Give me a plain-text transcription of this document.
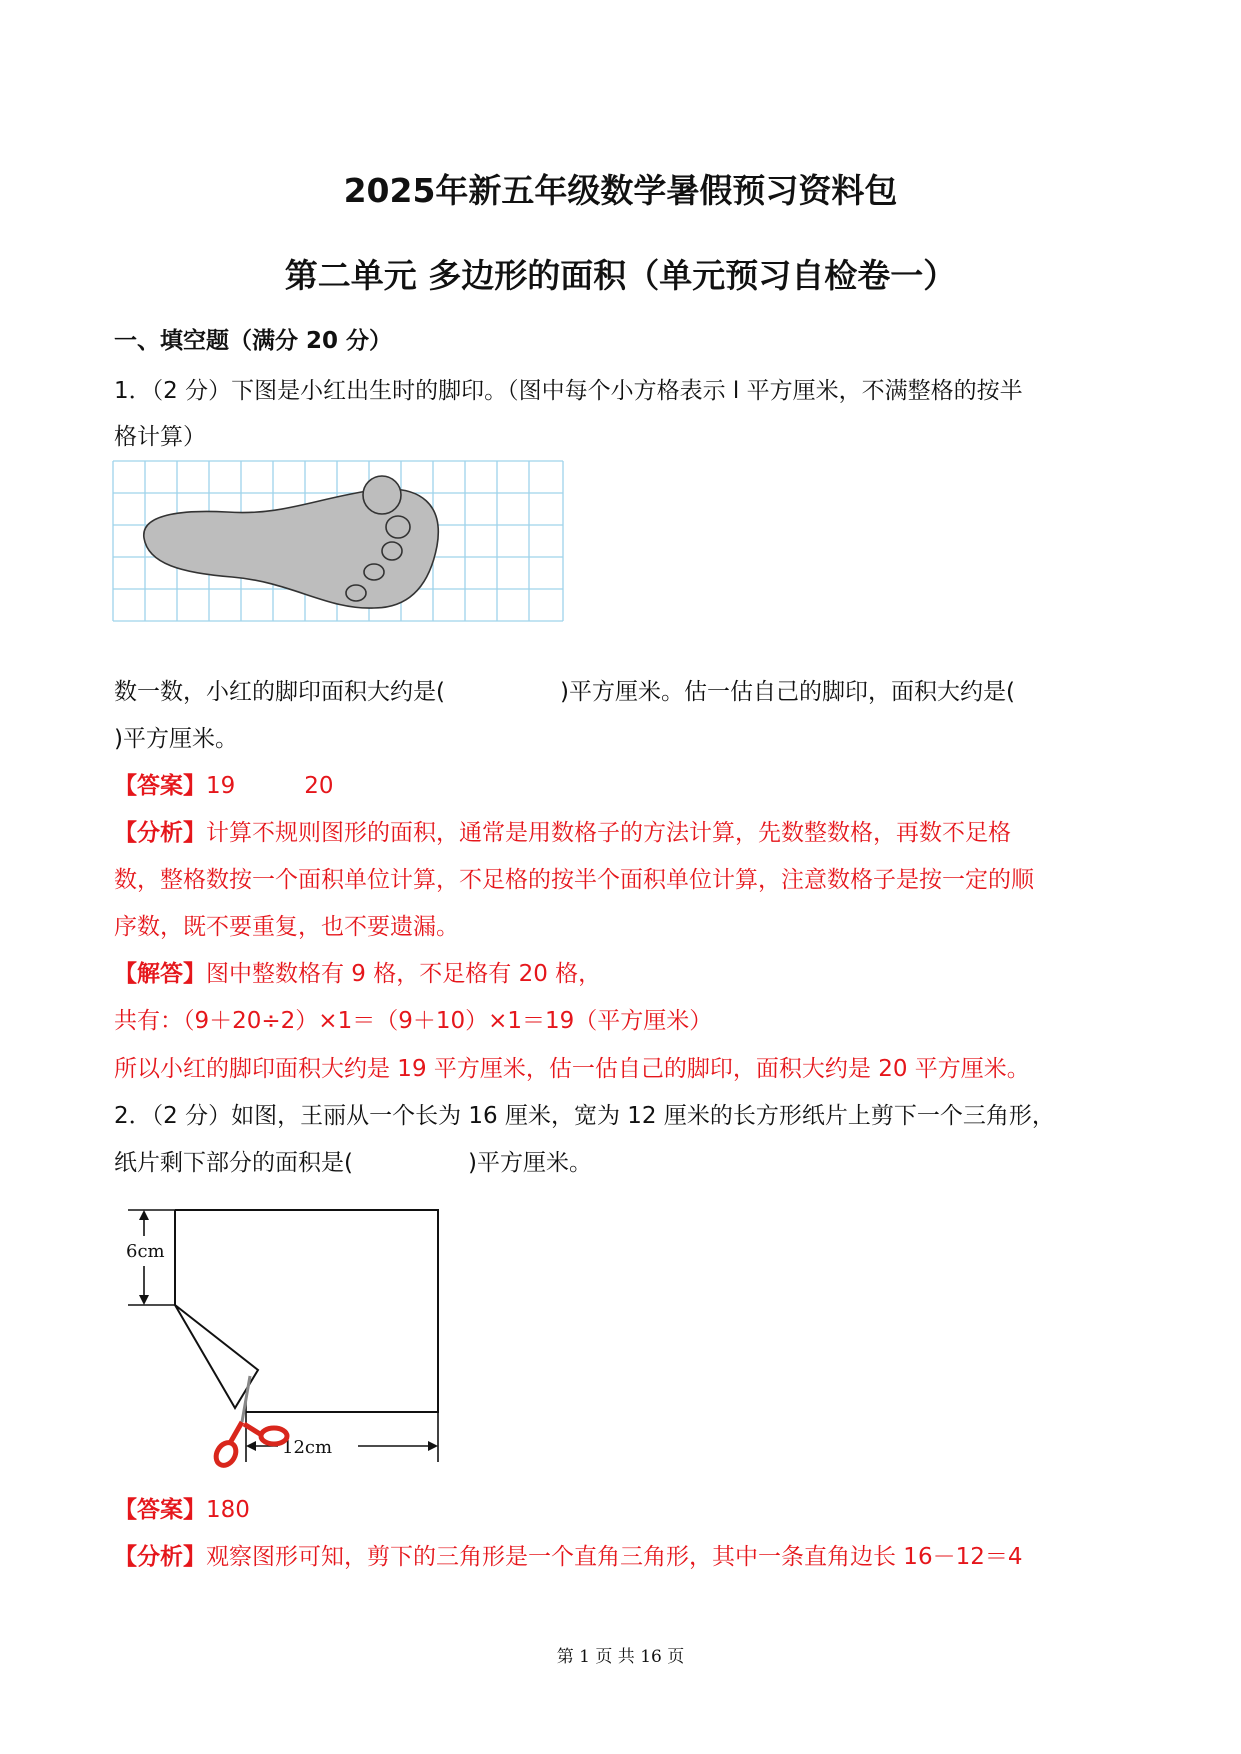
2025年新五年级数学暑假预习资料包
第二单元 多边形的面积（单元预习自检卷一）
一、填空题（满分 20 分）
1．（2 分）下图是小红出生时的脚印。（图中每个小方格表示 l 平方厘米，不满整格的按半
格计算）
数一数，小红的脚印面积大约是(　　　　　)平方厘米。估一估自己的脚印，面积大约是(
)平方厘米。
【答案】19　　　20
【分析】计算不规则图形的面积，通常是用数格子的方法计算，先数整数格，再数不足格
数，整格数按一个面积单位计算，不足格的按半个面积单位计算，注意数格子是按一定的顺
序数，既不要重复，也不要遗漏。
【解答】图中整数格有 9 格，不足格有 20 格，
共有：（9＋20÷2）×1＝（9＋10）×1＝19（平方厘米）
所以小红的脚印面积大约是 19 平方厘米，估一估自己的脚印，面积大约是 20 平方厘米。
2．（2 分）如图，王丽从一个长为 16 厘米，宽为 12 厘米的长方形纸片上剪下一个三角形，
纸片剩下部分的面积是(　　　　　)平方厘米。
6cm
12cm
【答案】180
【分析】观察图形可知，剪下的三角形是一个直角三角形，其中一条直角边长 16－12＝4
第 1 页 共 16 页
